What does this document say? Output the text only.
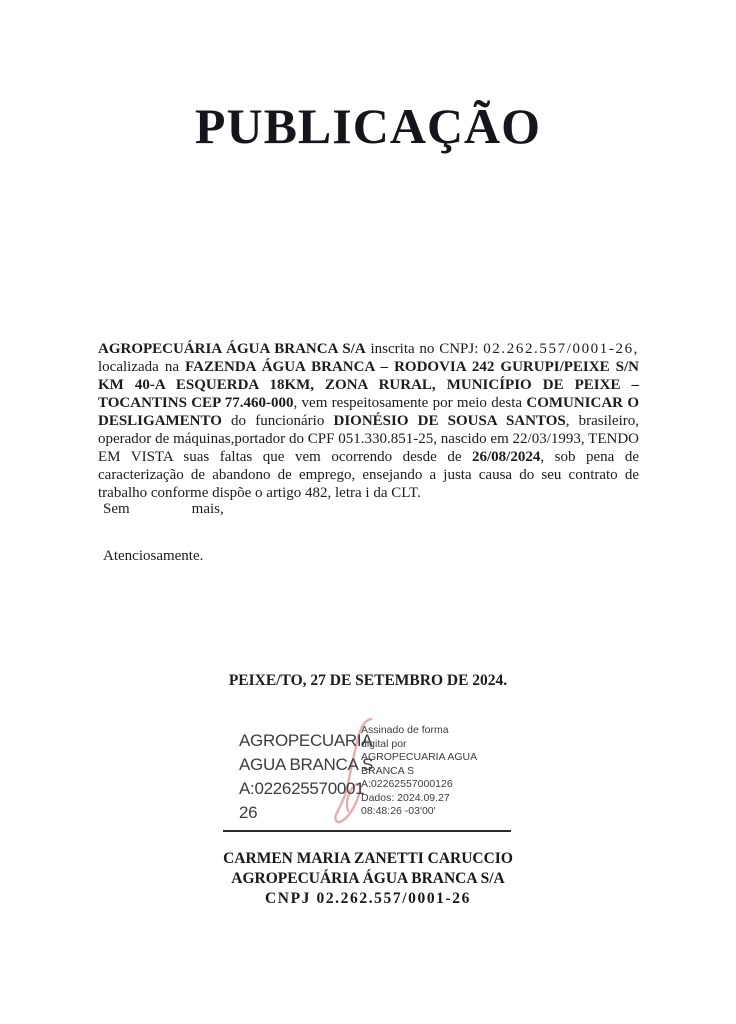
PUBLICAÇÃO
AGROPECUÁRIA ÁGUA BRANCA S/A inscrita no CNPJ: 02.262.557/0001-26, localizada na FAZENDA ÁGUA BRANCA – RODOVIA 242 GURUPI/PEIXE S/N KM 40-A ESQUERDA 18KM, ZONA RURAL, MUNICÍPIO DE PEIXE – TOCANTINS CEP 77.460-000, vem respeitosamente por meio desta COMUNICAR O DESLIGAMENTO do funcionário DIONÉSIO DE SOUSA SANTOS, brasileiro, operador de máquinas,portador do CPF 051.330.851-25, nascido em 22/03/1993, TENDO EM VISTA suas faltas que vem ocorrendo desde de 26/08/2024, sob pena de caracterização de abandono de emprego, ensejando a justa causa do seu contrato de trabalho conforme dispõe o artigo 482, letra i da CLT.
Sem	mais,
Atenciosamente.
PEIXE/TO, 27 DE SETEMBRO DE 2024.
AGROPECUARIA
AGUA BRANCA S
A:022625570001
26
Assinado de forma
digital por
AGROPECUARIA AGUA
BRANCA S
A:02262557000126
Dados: 2024.09.27
08:48:26 -03'00'
CARMEN MARIA ZANETTI CARUCCIO
AGROPECUÁRIA ÁGUA BRANCA S/A
CNPJ 02.262.557/0001-26
